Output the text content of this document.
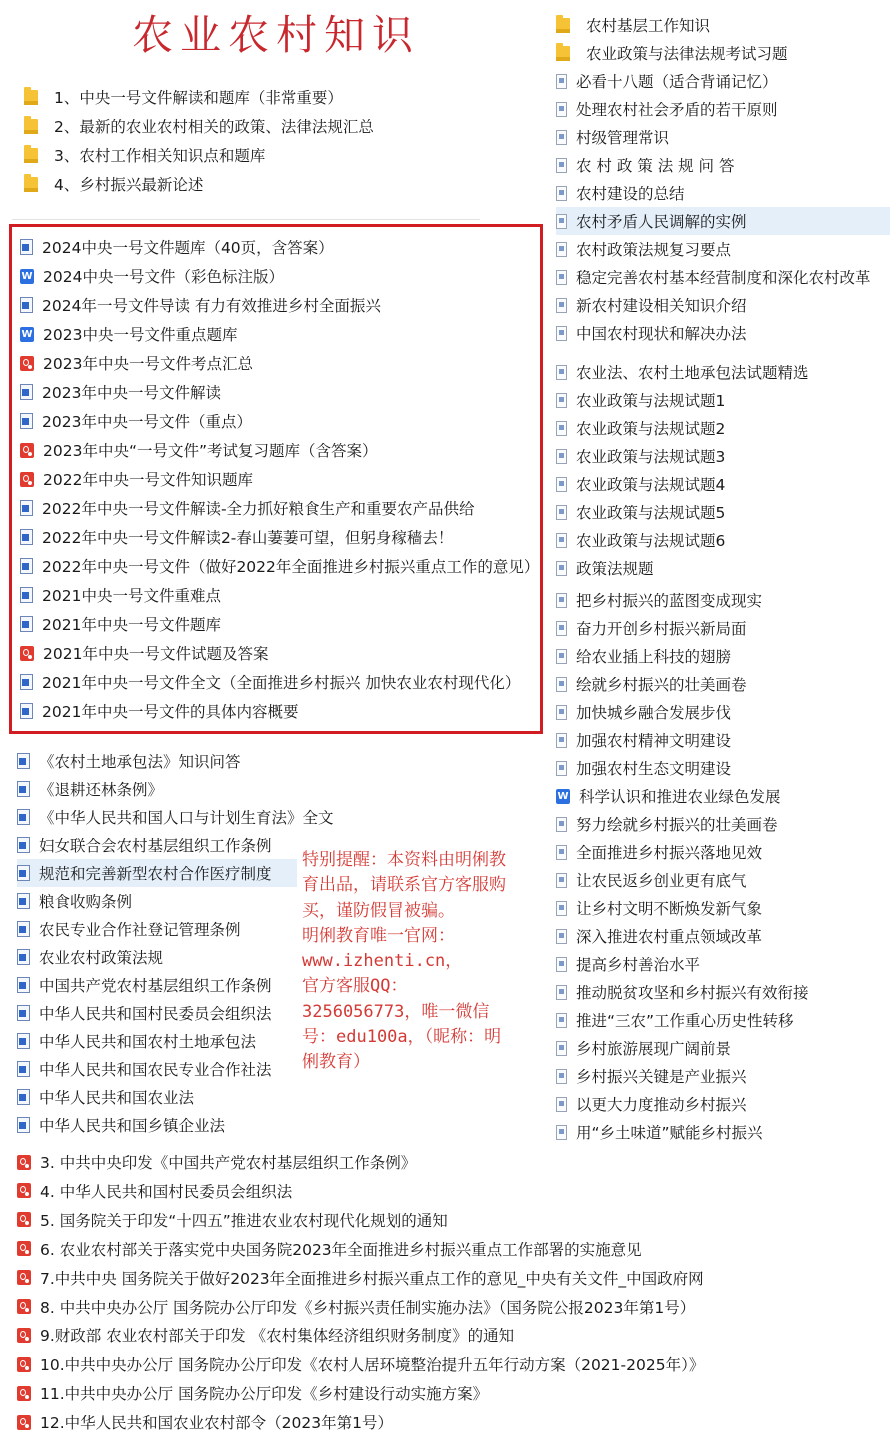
农业农村知识
特别提醒：本资料由明俐教育出品，请联系官方客服购买，谨防假冒被骗。
明俐教育唯一官网：www.izhenti.cn，
官方客服QQ：3256056773，唯一微信号：edu100a，（昵称：明俐教育）
1、中央一号文件解读和题库（非常重要）
2、最新的农业农村相关的政策、法律法规汇总
3、农村工作相关知识点和题库
4、乡村振兴最新论述
2024中央一号文件题库（40页，含答案）
W 2024中央一号文件（彩色标注版）
2024年一号文件导读 有力有效推进乡村全面振兴
W 2023中央一号文件重点题库
2023年中央一号文件考点汇总
2023年中央一号文件解读
2023年中央一号文件（重点）
2023年中央“一号文件”考试复习题库（含答案）
2022年中央一号文件知识题库
2022年中央一号文件解读-全力抓好粮食生产和重要农产品供给
2022年中央一号文件解读2-春山萋萋可望，但躬身稼穑去！
2022年中央一号文件（做好2022年全面推进乡村振兴重点工作的意见）
2021中央一号文件重难点
2021年中央一号文件题库
2021年中央一号文件试题及答案
2021年中央一号文件全文（全面推进乡村振兴 加快农业农村现代化）
2021年中央一号文件的具体内容概要
《农村土地承包法》知识问答
《退耕还林条例》
《中华人民共和国人口与计划生育法》全文
妇女联合会农村基层组织工作条例
规范和完善新型农村合作医疗制度
粮食收购条例
农民专业合作社登记管理条例
农业农村政策法规
中国共产党农村基层组织工作条例
中华人民共和国村民委员会组织法
中华人民共和国农村土地承包法
中华人民共和国农民专业合作社法
中华人民共和国农业法
中华人民共和国乡镇企业法
3. 中共中央印发《中国共产党农村基层组织工作条例》
4. 中华人民共和国村民委员会组织法
5. 国务院关于印发“十四五”推进农业农村现代化规划的通知
6. 农业农村部关于落实党中央国务院2023年全面推进乡村振兴重点工作部署的实施意见
7.中共中央 国务院关于做好2023年全面推进乡村振兴重点工作的意见_中央有关文件_中国政府网
8. 中共中央办公厅 国务院办公厅印发《乡村振兴责任制实施办法》（国务院公报2023年第1号）
9.财政部 农业农村部关于印发 《农村集体经济组织财务制度》的通知
10.中共中央办公厅 国务院办公厅印发《农村人居环境整治提升五年行动方案（2021-2025年）》
11.中共中央办公厅 国务院办公厅印发《乡村建设行动实施方案》
12.中华人民共和国农业农村部令（2023年第1号）
农村基层工作知识
农业政策与法律法规考试习题
必看十八题（适合背诵记忆）
处理农村社会矛盾的若干原则
村级管理常识
农 村 政 策 法 规 问 答
农村建设的总结
农村矛盾人民调解的实例
农村政策法规复习要点
稳定完善农村基本经营制度和深化农村改革
新农村建设相关知识介绍
中国农村现状和解决办法
农业法、农村土地承包法试题精选
农业政策与法规试题1
农业政策与法规试题2
农业政策与法规试题3
农业政策与法规试题4
农业政策与法规试题5
农业政策与法规试题6
政策法规题
把乡村振兴的蓝图变成现实
奋力开创乡村振兴新局面
给农业插上科技的翅膀
绘就乡村振兴的壮美画卷
加快城乡融合发展步伐
加强农村精神文明建设
加强农村生态文明建设
W 科学认识和推进农业绿色发展
努力绘就乡村振兴的壮美画卷
全面推进乡村振兴落地见效
让农民返乡创业更有底气
让乡村文明不断焕发新气象
深入推进农村重点领域改革
提高乡村善治水平
推动脱贫攻坚和乡村振兴有效衔接
推进“三农”工作重心历史性转移
乡村旅游展现广阔前景
乡村振兴关键是产业振兴
以更大力度推动乡村振兴
用“乡土味道”赋能乡村振兴
